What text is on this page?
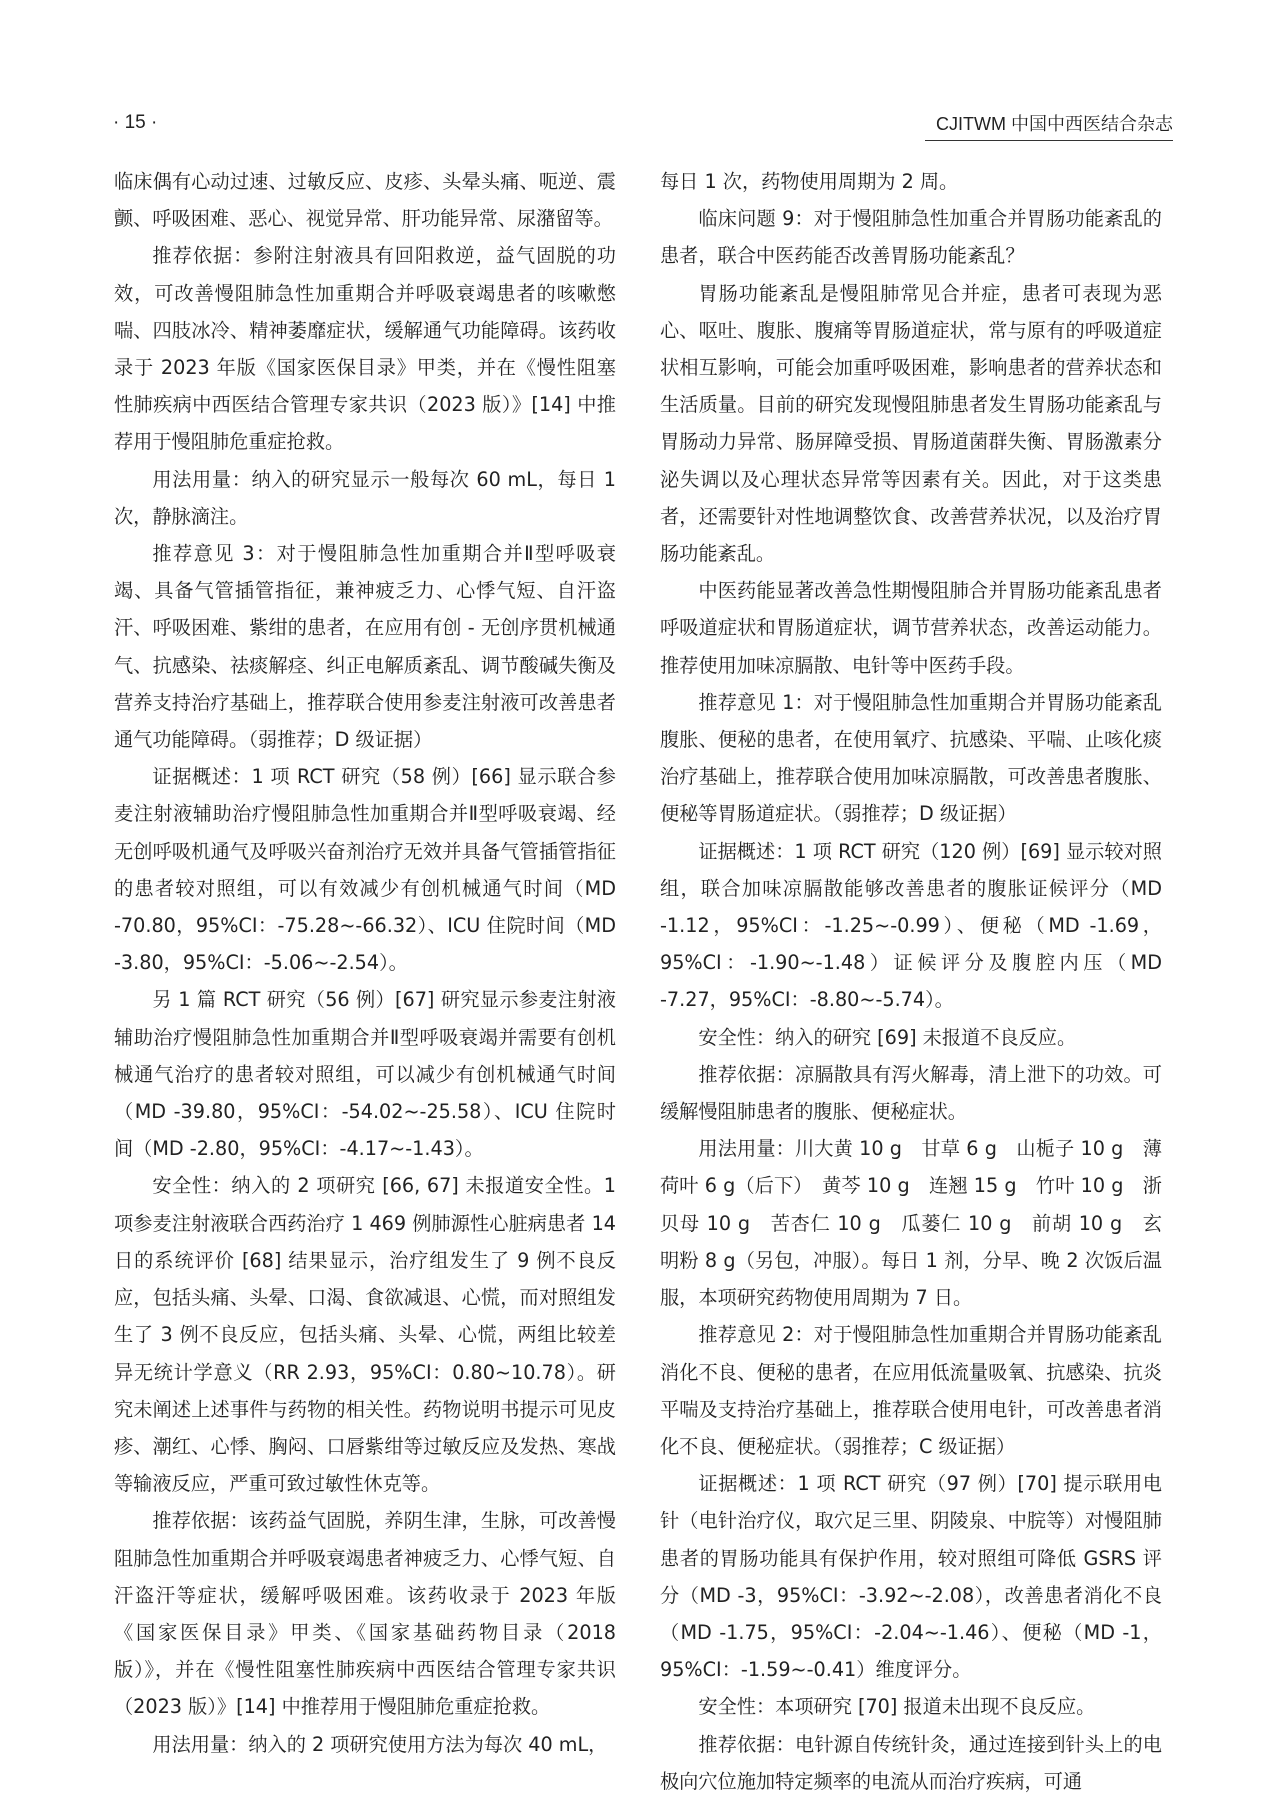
· 15 ·	CJITWM 中国中西医结合杂志

临床偶有心动过速、过敏反应、皮疹、头晕头痛、呃逆、震颤、呼吸困难、恶心、视觉异常、肝功能异常、尿潴留等。

推荐依据：参附注射液具有回阳救逆，益气固脱的功效，可改善慢阻肺急性加重期合并呼吸衰竭患者的咳嗽憋喘、四肢冰冷、精神萎靡症状，缓解通气功能障碍。该药收录于 2023 年版《国家医保目录》甲类，并在《慢性阻塞性肺疾病中西医结合管理专家共识（2023 版）》[14] 中推荐用于慢阻肺危重症抢救。

用法用量：纳入的研究显示一般每次 60 mL，每日 1 次，静脉滴注。

推荐意见 3：对于慢阻肺急性加重期合并Ⅱ型呼吸衰竭、具备气管插管指征，兼神疲乏力、心悸气短、自汗盗汗、呼吸困难、紫绀的患者，在应用有创 - 无创序贯机械通气、抗感染、祛痰解痉、纠正电解质紊乱、调节酸碱失衡及营养支持治疗基础上，推荐联合使用参麦注射液可改善患者通气功能障碍。（弱推荐；D 级证据）

证据概述：1 项 RCT 研究（58 例）[66] 显示联合参麦注射液辅助治疗慢阻肺急性加重期合并Ⅱ型呼吸衰竭、经无创呼吸机通气及呼吸兴奋剂治疗无效并具备气管插管指征的患者较对照组，可以有效减少有创机械通气时间（MD -70.80，95%CI：-75.28~-66.32）、ICU 住院时间（MD -3.80，95%CI：-5.06~-2.54）。

另 1 篇 RCT 研究（56 例）[67] 研究显示参麦注射液辅助治疗慢阻肺急性加重期合并Ⅱ型呼吸衰竭并需要有创机械通气治疗的患者较对照组，可以减少有创机械通气时间（MD -39.80，95%CI：-54.02~-25.58）、ICU 住院时间（MD -2.80，95%CI：-4.17~-1.43）。

安全性：纳入的 2 项研究 [66, 67] 未报道安全性。1 项参麦注射液联合西药治疗 1 469 例肺源性心脏病患者 14 日的系统评价 [68] 结果显示，治疗组发生了 9 例不良反应，包括头痛、头晕、口渴、食欲减退、心慌，而对照组发生了 3 例不良反应，包括头痛、头晕、心慌，两组比较差异无统计学意义（RR 2.93，95%CI：0.80~10.78）。研究未阐述上述事件与药物的相关性。药物说明书提示可见皮疹、潮红、心悸、胸闷、口唇紫绀等过敏反应及发热、寒战等输液反应，严重可致过敏性休克等。

推荐依据：该药益气固脱，养阴生津，生脉，可改善慢阻肺急性加重期合并呼吸衰竭患者神疲乏力、心悸气短、自汗盗汗等症状，缓解呼吸困难。该药收录于 2023 年版《国家医保目录》甲类、《国家基础药物目录（2018 版）》，并在《慢性阻塞性肺疾病中西医结合管理专家共识（2023 版）》[14] 中推荐用于慢阻肺危重症抢救。

用法用量：纳入的 2 项研究使用方法为每次 40 mL，

每日 1 次，药物使用周期为 2 周。

临床问题 9：对于慢阻肺急性加重合并胃肠功能紊乱的患者，联合中医药能否改善胃肠功能紊乱？

胃肠功能紊乱是慢阻肺常见合并症，患者可表现为恶心、呕吐、腹胀、腹痛等胃肠道症状，常与原有的呼吸道症状相互影响，可能会加重呼吸困难，影响患者的营养状态和生活质量。目前的研究发现慢阻肺患者发生胃肠功能紊乱与胃肠动力异常、肠屏障受损、胃肠道菌群失衡、胃肠激素分泌失调以及心理状态异常等因素有关。因此，对于这类患者，还需要针对性地调整饮食、改善营养状况，以及治疗胃肠功能紊乱。

中医药能显著改善急性期慢阻肺合并胃肠功能紊乱患者呼吸道症状和胃肠道症状，调节营养状态，改善运动能力。推荐使用加味凉膈散、电针等中医药手段。

推荐意见 1：对于慢阻肺急性加重期合并胃肠功能紊乱腹胀、便秘的患者，在使用氧疗、抗感染、平喘、止咳化痰治疗基础上，推荐联合使用加味凉膈散，可改善患者腹胀、便秘等胃肠道症状。（弱推荐；D 级证据）

证据概述：1 项 RCT 研究（120 例）[69] 显示较对照组，联合加味凉膈散能够改善患者的腹胀证候评分（MD -1.12，95%CI：-1.25~-0.99）、便秘（MD -1.69，95%CI：-1.90~-1.48）证候评分及腹腔内压（MD -7.27，95%CI：-8.80~-5.74）。

安全性：纳入的研究 [69] 未报道不良反应。

推荐依据：凉膈散具有泻火解毒，清上泄下的功效。可缓解慢阻肺患者的腹胀、便秘症状。

用法用量：川大黄 10 g　甘草 6 g　山栀子 10 g　薄荷叶 6 g（后下）　黄芩 10 g　连翘 15 g　竹叶 10 g　浙贝母 10 g　苦杏仁 10 g　瓜蒌仁 10 g　前胡 10 g　玄明粉 8 g（另包，冲服）。每日 1 剂，分早、晚 2 次饭后温服，本项研究药物使用周期为 7 日。

推荐意见 2：对于慢阻肺急性加重期合并胃肠功能紊乱消化不良、便秘的患者，在应用低流量吸氧、抗感染、抗炎平喘及支持治疗基础上，推荐联合使用电针，可改善患者消化不良、便秘症状。（弱推荐；C 级证据）

证据概述：1 项 RCT 研究（97 例）[70] 提示联用电针（电针治疗仪，取穴足三里、阴陵泉、中脘等）对慢阻肺患者的胃肠功能具有保护作用，较对照组可降低 GSRS 评分（MD -3，95%CI：-3.92~-2.08），改善患者消化不良（MD -1.75，95%CI：-2.04~-1.46）、便秘（MD -1，95%CI：-1.59~-0.41）维度评分。

安全性：本项研究 [70] 报道未出现不良反应。

推荐依据：电针源自传统针灸，通过连接到针头上的电极向穴位施加特定频率的电流从而治疗疾病，可通
